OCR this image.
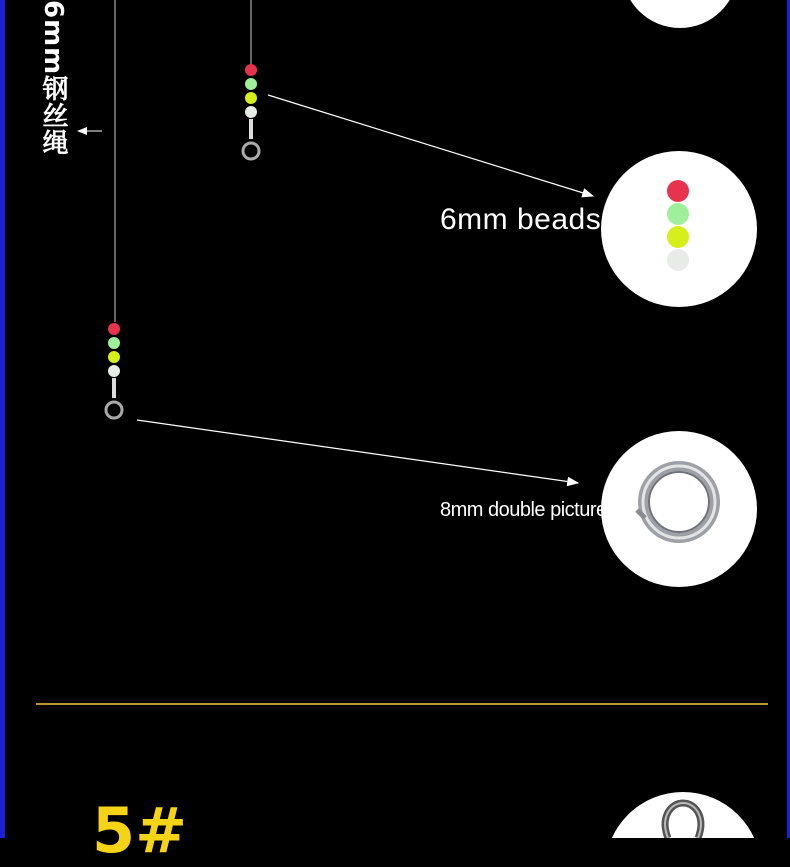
6mm钢丝绳
6mm beads
8mm double picture
5#
